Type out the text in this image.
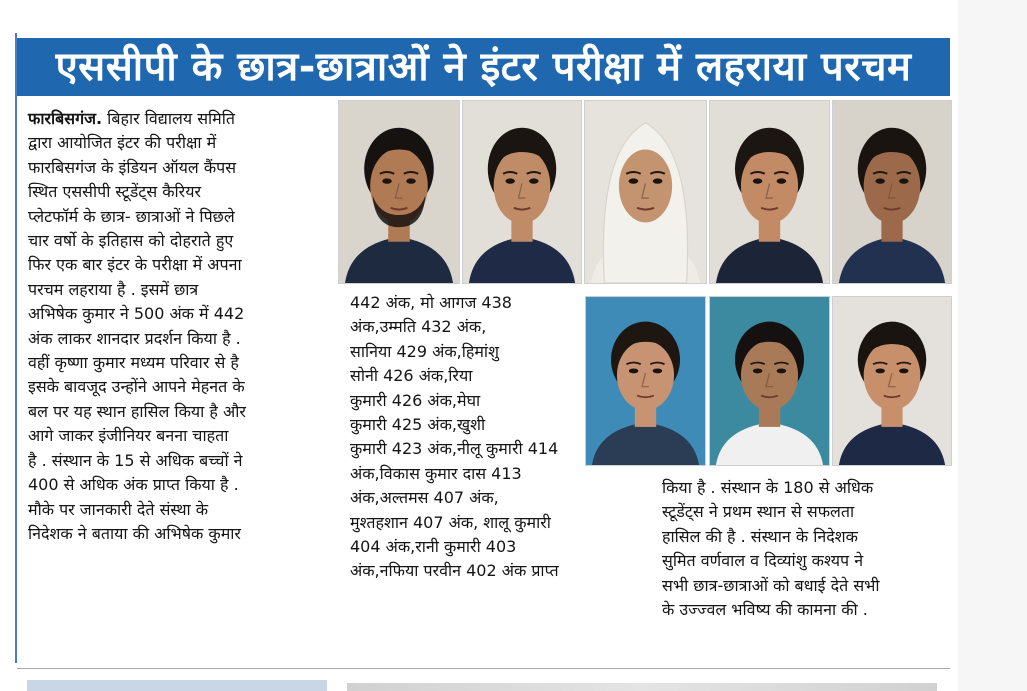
एससीपी के छात्र-छात्राओं ने इंटर परीक्षा में लहराया परचम

फारबिसगंज. बिहार विद्यालय समिति

द्वारा आयोजित इंटर की परीक्षा में

फारबिसगंज के इंडियन ऑयल कैंपस

स्थित एससीपी स्टूडेंट्स कैरियर

प्लेटफॉर्म के छात्र- छात्राओं ने पिछले

चार वर्षो के इतिहास को दोहराते हुए

फिर एक बार इंटर के परीक्षा में अपना

परचम लहराया है . इसमें छात्र

अभिषेक कुमार ने 500 अंक में 442

अंक लाकर शानदार प्रदर्शन किया है .

वहीं कृष्णा कुमार मध्यम परिवार से है

इसके बावजूद उन्होंने आपने मेहनत के

बल पर यह स्थान हासिल किया है और

आगे जाकर इंजीनियर बनना चाहता

है . संस्थान के 15 से अधिक बच्चों ने

400 से अधिक अंक प्राप्त किया है .

मौके पर जानकारी देते संस्था के

निदेशक ने बताया की अभिषेक कुमार

442 अंक, मो आगज 438

अंक,उम्मति 432 अंक,

सानिया 429 अंक,हिमांशु

सोनी 426 अंक,रिया

कुमारी 426 अंक,मेघा

कुमारी 425 अंक,खुशी

कुमारी 423 अंक,नीलू कुमारी 414

अंक,विकास कुमार दास 413

अंक,अल्तमस 407 अंक,

मुश्तहशान 407 अंक, शालू कुमारी

404 अंक,रानी कुमारी 403

अंक,नफिया परवीन 402 अंक प्राप्त

किया है . संस्थान के 180 से अधिक

स्टूडेंट्स ने प्रथम स्थान से सफलता

हासिल की है . संस्थान के निदेशक

सुमित वर्णवाल व दिव्यांशु कश्यप ने

सभी छात्र-छात्राओं को बधाई देते सभी

के उज्ज्वल भविष्य की कामना की .
